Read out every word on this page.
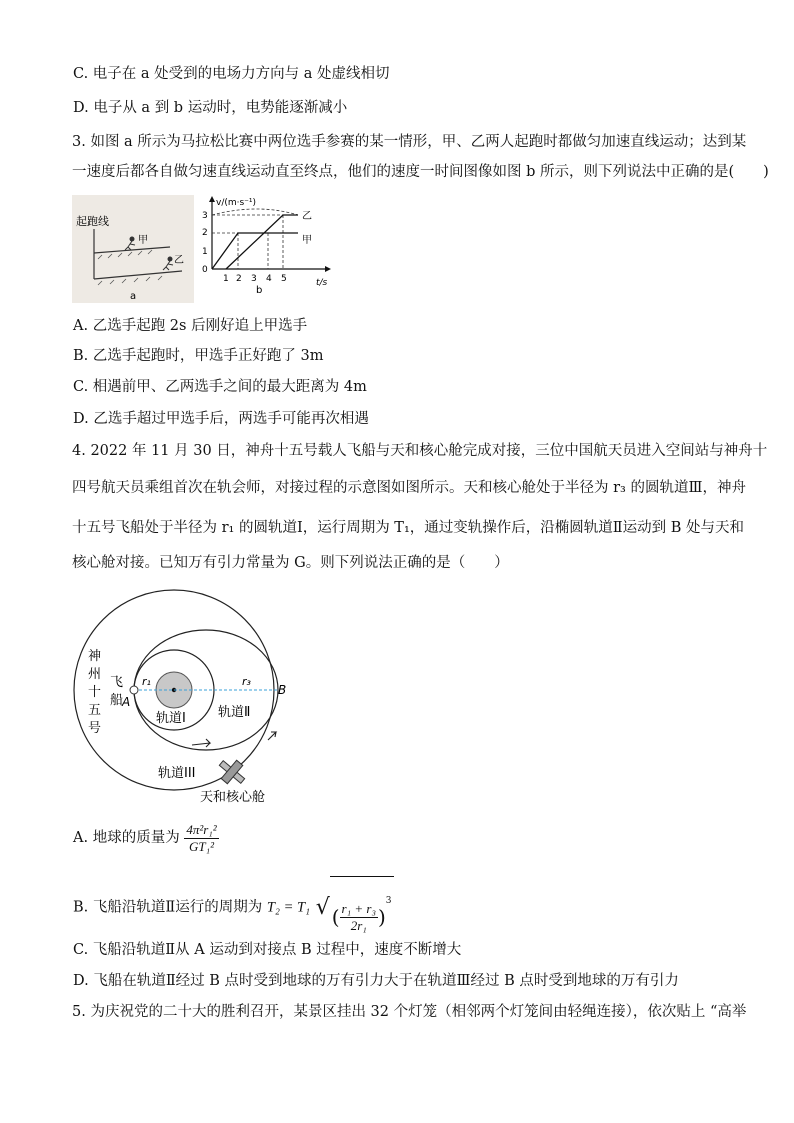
C. 电子在 a 处受到的电场力方向与 a 处虚线相切
D. 电子从 a 到 b 运动时，电势能逐渐减小
3. 如图 a 所示为马拉松比赛中两位选手参赛的某一情形，甲、乙两人起跑时都做匀加速直线运动；达到某
一速度后都各自做匀速直线运动直至终点，他们的速度一时间图像如图 b 所示，则下列说法中正确的是(　　)
起跑线
甲
乙
a
v/(m·s⁻¹)
t/s
0
1
2
3
1 2 3 4 5
乙
甲
b
A. 乙选手起跑 2s 后刚好追上甲选手
B. 乙选手起跑时，甲选手正好跑了 3m
C. 相遇前甲、乙两选手之间的最大距离为 4m
D. 乙选手超过甲选手后，两选手可能再次相遇
4. 2022 年 11 月 30 日，神舟十五号载人飞船与天和核心舱完成对接，三位中国航天员进入空间站与神舟十
四号航天员乘组首次在轨会师，对接过程的示意图如图所示。天和核心舱处于半径为 r₃ 的圆轨道Ⅲ，神舟
十五号飞船处于半径为 r₁ 的圆轨道Ⅰ，运行周期为 T₁，通过变轨操作后，沿椭圆轨道Ⅱ运动到 B 处与天和
核心舱对接。已知万有引力常量为 G。则下列说法正确的是（　　）
神
州
十
五
号
飞
船
A
B
r₁	r₃
轨道Ⅰ 轨道Ⅱ
轨道III
天和核心舱
A. 地球的质量为 $\frac{\text{4π²r₁²}}{\text{GT₁²}}$
B. 飞船沿轨道Ⅱ运行的周期为 T₂ = T₁ √ ( $\frac{\text{r₁ + r₃}}{\text{2r₁}} )^3$
C. 飞船沿轨道Ⅱ从 A 运动到对接点 B 过程中，速度不断增大
D. 飞船在轨道Ⅱ经过 B 点时受到地球的万有引力大于在轨道Ⅲ经过 B 点时受到地球的万有引力
5. 为庆祝党的二十大的胜利召开，某景区挂出 32 个灯笼（相邻两个灯笼间由轻绳连接），依次贴上 “高举
